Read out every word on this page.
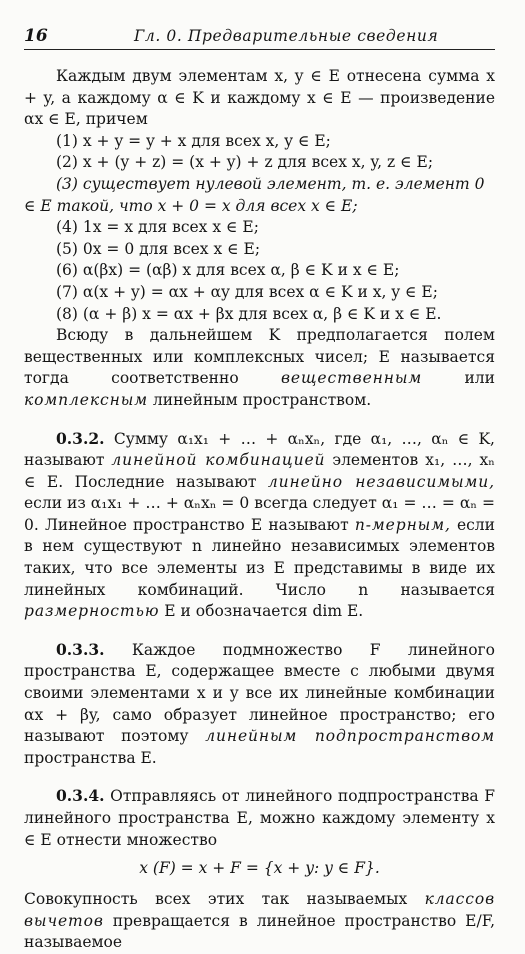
16	Гл. 0. Предварительные сведения

Каждым двум элементам x, y ∈ E отнесена сумма x + y, а каждому α ∈ K и каждому x ∈ E — произведение αx ∈ E, причем

(1) x + y = y + x для всех x, y ∈ E;
(2) x + (y + z) = (x + y) + z для всех x, y, z ∈ E;
(3) существует нулевой элемент, т. е. элемент 0 ∈ E такой, что x + 0 = x для всех x ∈ E;
(4) 1x = x для всех x ∈ E;
(5) 0x = 0 для всех x ∈ E;
(6) α(βx) = (αβ) x для всех α, β ∈ K и x ∈ E;
(7) α(x + y) = αx + αy для всех α ∈ K и x, y ∈ E;
(8) (α + β) x = αx + βx для всех α, β ∈ K и x ∈ E.

Всюду в дальнейшем K предполагается полем вещественных или комплексных чисел; E называется тогда соответственно вещественным или комплексным линейным пространством.

0.3.2. Сумму α₁x₁ + … + αₙxₙ, где α₁, …, αₙ ∈ K, называют линейной комбинацией элементов x₁, …, xₙ ∈ E. Последние называют линейно независимыми, если из α₁x₁ + … + αₙxₙ = 0 всегда следует α₁ = … = αₙ = 0. Линейное пространство E называют n-мерным, если в нем существуют n линейно независимых элементов таких, что все элементы из E представимы в виде их линейных комбинаций. Число n называется размерностью E и обозначается dim E.

0.3.3. Каждое подмножество F линейного пространства E, содержащее вместе с любыми двумя своими элементами x и y все их линейные комбинации αx + βy, само образует линейное пространство; его называют поэтому линейным подпространством пространства E.

0.3.4. Отправляясь от линейного подпространства F линейного пространства E, можно каждому элементу x ∈ E отнести множество

x (F) = x + F = {x + y: y ∈ F}.

Совокупность всех этих так называемых классов вычетов превращается в линейное пространство E/F, называемое
